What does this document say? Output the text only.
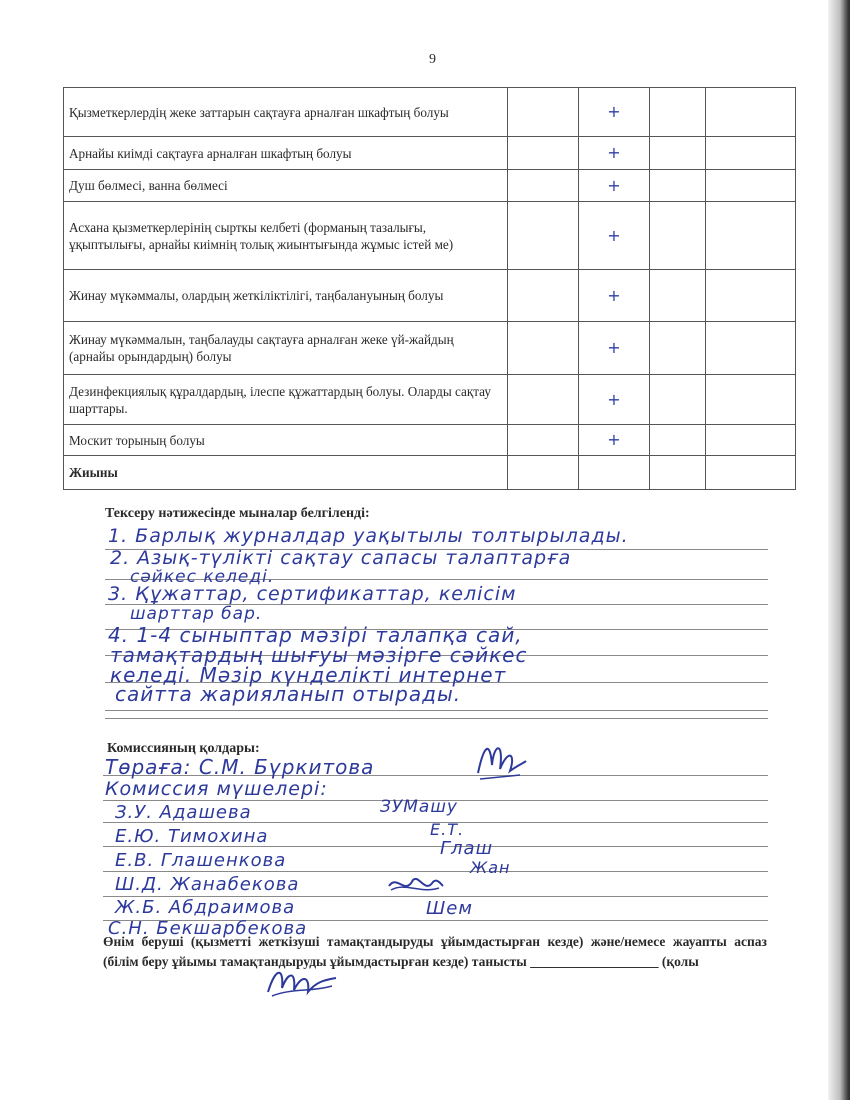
9
Қызметкерлердің жеке заттарын сақтауға арналған шкафтың болуы		+		
Арнайы киімді сақтауға арналған шкафтың болуы		+		
Душ бөлмесі, ванна бөлмесі		+		
Асхана қызметкерлерінің сырткы келбеті (форманың тазалығы, ұқыптылығы, арнайы киімнің толық жиынтығында жұмыс істей ме)		+		
Жинау мүкәммалы, олардың жеткіліктілігі, таңбалануының болуы		+		
Жинау мүкәммалын, таңбалауды сақтауға арналған жеке үй-жайдың (арнайы орындардың) болуы		+		
Дезинфекциялық құралдардың, ілеспе құжаттардың болуы. Оларды сақтау шарттары.		+		
Москит торының болуы		+		
Жиыны				
Тексеру нәтижесінде мыналар белгіленді:
1. Барлық журналдар уақытылы толтырылады.
2. Азық-түлікті сақтау сапасы талаптарға
сәйкес келеді.
3. Құжаттар, сертификаттар, келісім
шарттар бар.
4. 1-4 сыныптар мәзірі талапқа сай,
тамақтардың шығуы мәзірге сәйкес
келеді. Мәзір күнделікті интернет
сайтта жарияланып отырады.
Комиссияның қолдары:
Төраға: С.М. Бүркитова
Комиссия мүшелері:
З.У. Адашева
Е.Ю. Тимохина
Е.В. Глашенкова
Ш.Д. Жанабекова
Ж.Б. Абдраимова
С.Н. Бекшарбекова
ЗУМашу
Е.Т.
Глаш
Жан
Шем
Өнім беруші (қызметті жеткізуші тамақтандыруды ұйымдастырған кезде) және/немесе жауапты аспаз (білім беру ұйымы тамақтандыруды ұйымдастырған кезде) танысты ___________________ (қолы
